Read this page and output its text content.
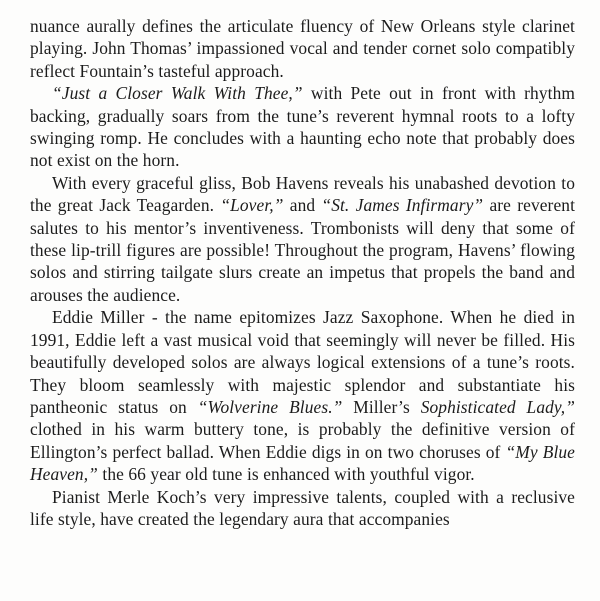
nuance aurally defines the articulate fluency of New Orleans style clarinet playing. John Thomas’ impassioned vocal and tender cornet solo compatibly reflect Fountain’s tasteful approach.

“Just a Closer Walk With Thee,” with Pete out in front with rhythm backing, gradually soars from the tune’s reverent hymnal roots to a lofty swinging romp. He concludes with a haunting echo note that probably does not exist on the horn.

With every graceful gliss, Bob Havens reveals his unabashed devotion to the great Jack Teagarden. “Lover,” and “St. James Infirmary” are reverent salutes to his mentor’s inventiveness. Trombonists will deny that some of these lip-trill figures are possible! Throughout the program, Havens’ flowing solos and stirring tailgate slurs create an impetus that propels the band and arouses the audience.

Eddie Miller - the name epitomizes Jazz Saxophone. When he died in 1991, Eddie left a vast musical void that seemingly will never be filled. His beautifully developed solos are always logical extensions of a tune’s roots. They bloom seamlessly with majestic splendor and substantiate his pantheonic status on “Wolverine Blues.” Miller’s Sophisticated Lady,” clothed in his warm buttery tone, is probably the definitive version of Ellington’s perfect ballad. When Eddie digs in on two choruses of “My Blue Heaven,” the 66 year old tune is enhanced with youthful vigor.

Pianist Merle Koch’s very impressive talents, coupled with a reclusive life style, have created the legendary aura that accompanies
